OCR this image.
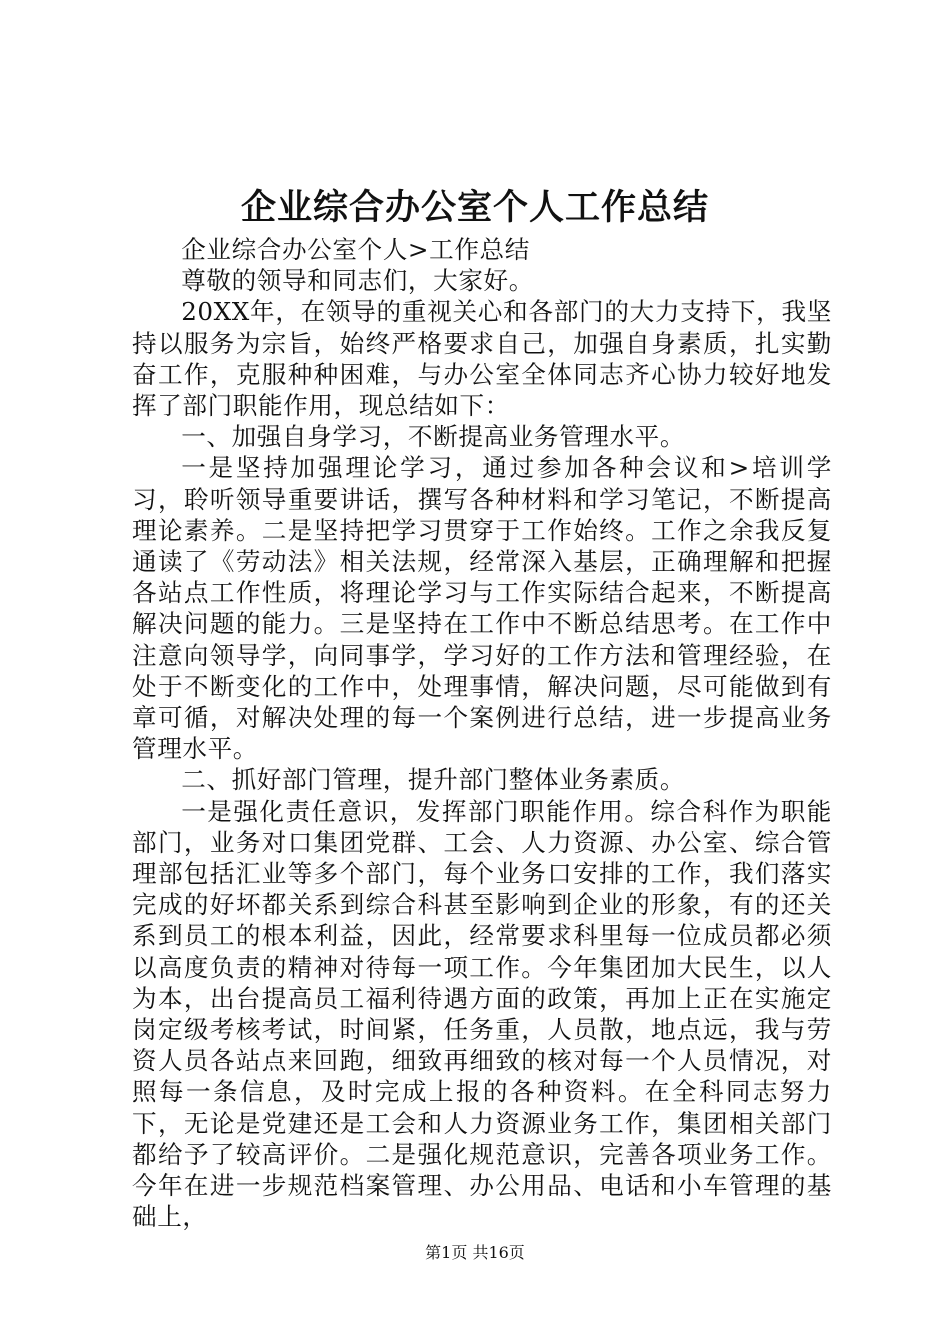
企业综合办公室个人工作总结

企业综合办公室个人>工作总结

尊敬的领导和同志们，大家好。

20XX年，在领导的重视关心和各部门的大力支持下，我坚持以服务为宗旨，始终严格要求自己，加强自身素质，扎实勤奋工作，克服种种困难，与办公室全体同志齐心协力较好地发挥了部门职能作用，现总结如下：

一、加强自身学习，不断提高业务管理水平。

一是坚持加强理论学习，通过参加各种会议和>培训学习，聆听领导重要讲话，撰写各种材料和学习笔记，不断提高理论素养。二是坚持把学习贯穿于工作始终。工作之余我反复通读了《劳动法》相关法规，经常深入基层，正确理解和把握各站点工作性质，将理论学习与工作实际结合起来，不断提高解决问题的能力。三是坚持在工作中不断总结思考。在工作中注意向领导学，向同事学，学习好的工作方法和管理经验，在处于不断变化的工作中，处理事情，解决问题，尽可能做到有章可循，对解决处理的每一个案例进行总结，进一步提高业务管理水平。

二、抓好部门管理，提升部门整体业务素质。

一是强化责任意识，发挥部门职能作用。综合科作为职能部门，业务对口集团党群、工会、人力资源、办公室、综合管理部包括汇业等多个部门，每个业务口安排的工作，我们落实完成的好坏都关系到综合科甚至影响到企业的形象，有的还关系到员工的根本利益，因此，经常要求科里每一位成员都必须以高度负责的精神对待每一项工作。今年集团加大民生，以人为本，出台提高员工福利待遇方面的政策，再加上正在实施定岗定级考核考试，时间紧，任务重，人员散，地点远，我与劳资人员各站点来回跑，细致再细致的核对每一个人员情况，对照每一条信息，及时完成上报的各种资料。在全科同志努力下，无论是党建还是工会和人力资源业务工作，集团相关部门都给予了较高评价。二是强化规范意识，完善各项业务工作。今年在进一步规范档案管理、办公用品、电话和小车管理的基础上，

第1页 共16页
